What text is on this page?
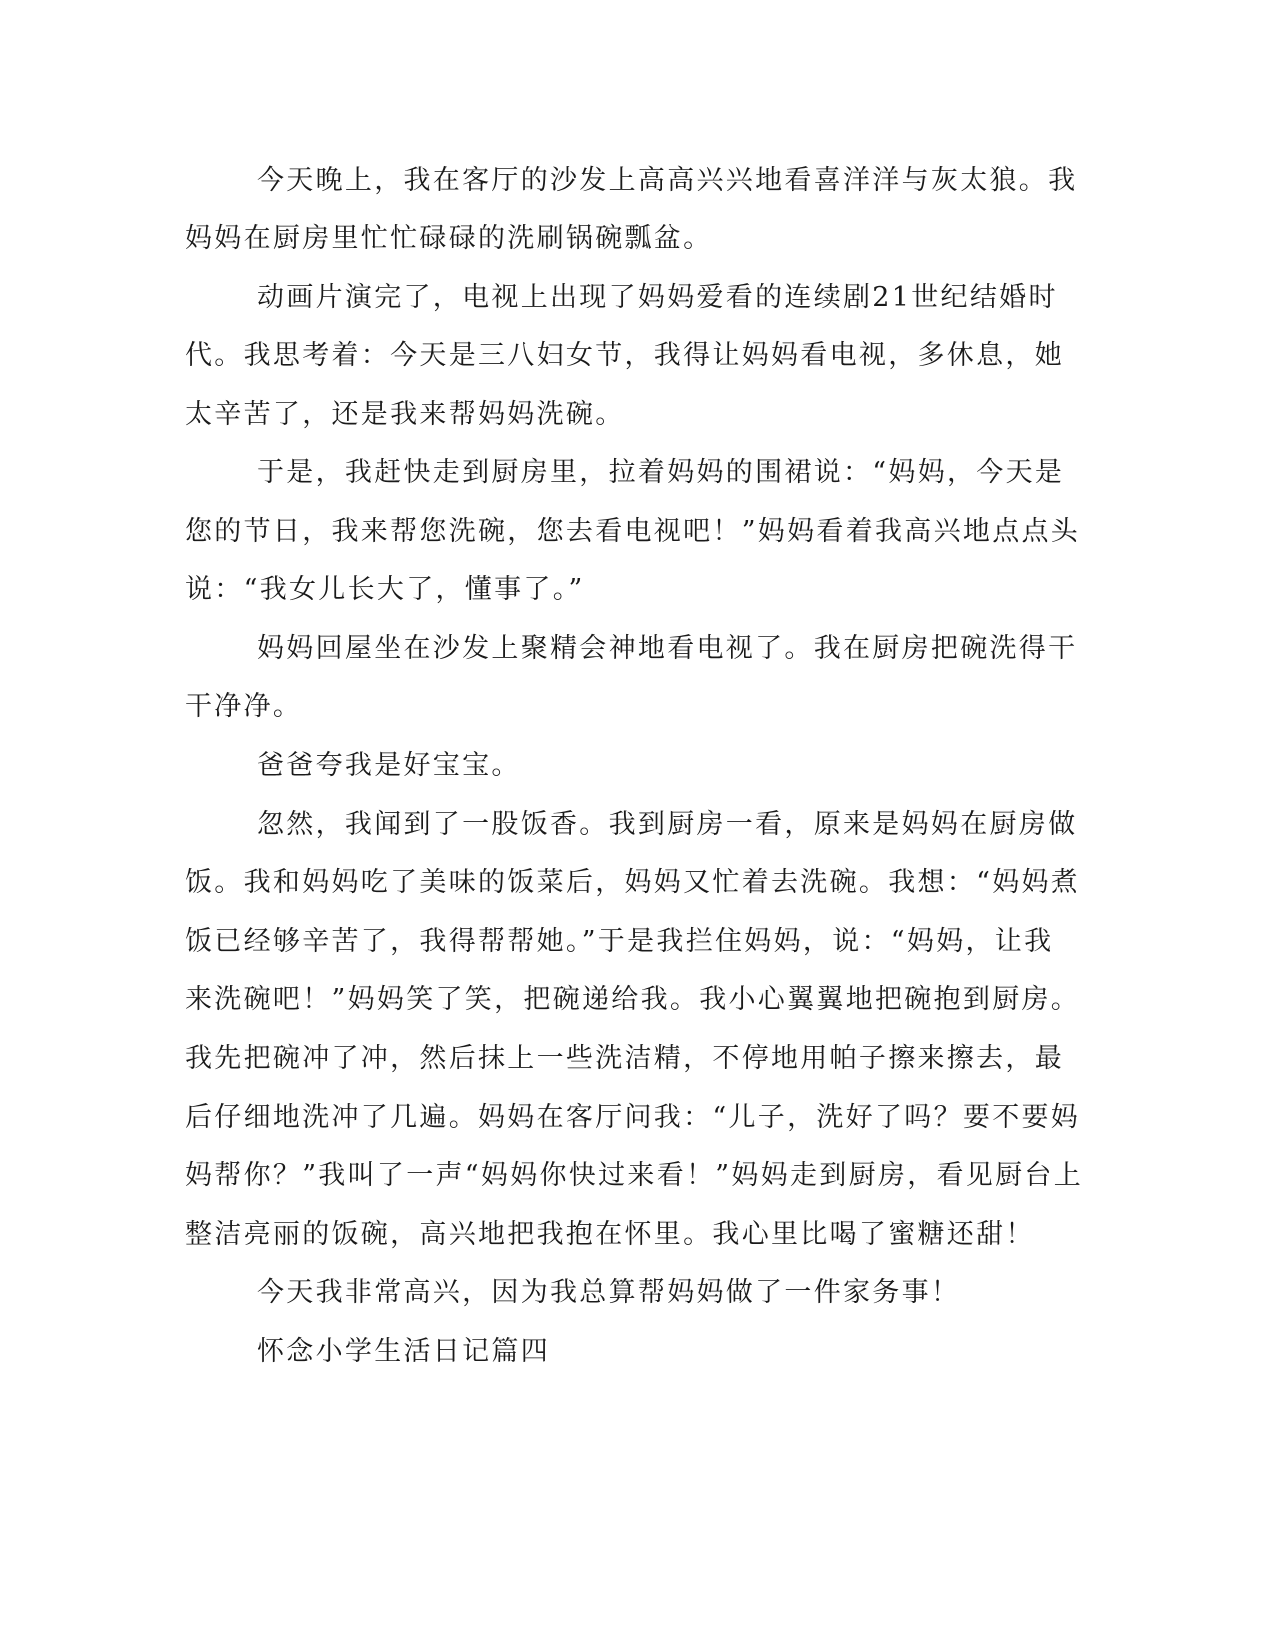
今天晚上，我在客厅的沙发上高高兴兴地看喜洋洋与灰太狼。我

妈妈在厨房里忙忙碌碌的洗刷锅碗瓢盆。

动画片演完了，电视上出现了妈妈爱看的连续剧21世纪结婚时

代。我思考着：今天是三八妇女节，我得让妈妈看电视，多休息，她

太辛苦了，还是我来帮妈妈洗碗。

于是，我赶快走到厨房里，拉着妈妈的围裙说：“妈妈，今天是

您的节日，我来帮您洗碗，您去看电视吧！”妈妈看着我高兴地点点头

说：“我女儿长大了，懂事了。”

妈妈回屋坐在沙发上聚精会神地看电视了。我在厨房把碗洗得干

干净净。

爸爸夸我是好宝宝。

忽然，我闻到了一股饭香。我到厨房一看，原来是妈妈在厨房做

饭。我和妈妈吃了美味的饭菜后，妈妈又忙着去洗碗。我想：“妈妈煮

饭已经够辛苦了，我得帮帮她。”于是我拦住妈妈，说：“妈妈，让我

来洗碗吧！”妈妈笑了笑，把碗递给我。我小心翼翼地把碗抱到厨房。

我先把碗冲了冲，然后抹上一些洗洁精，不停地用帕子擦来擦去，最

后仔细地洗冲了几遍。妈妈在客厅问我：“儿子，洗好了吗？要不要妈

妈帮你？”我叫了一声“妈妈你快过来看！”妈妈走到厨房，看见厨台上

整洁亮丽的饭碗，高兴地把我抱在怀里。我心里比喝了蜜糖还甜！

今天我非常高兴，因为我总算帮妈妈做了一件家务事！

怀念小学生活日记篇四
